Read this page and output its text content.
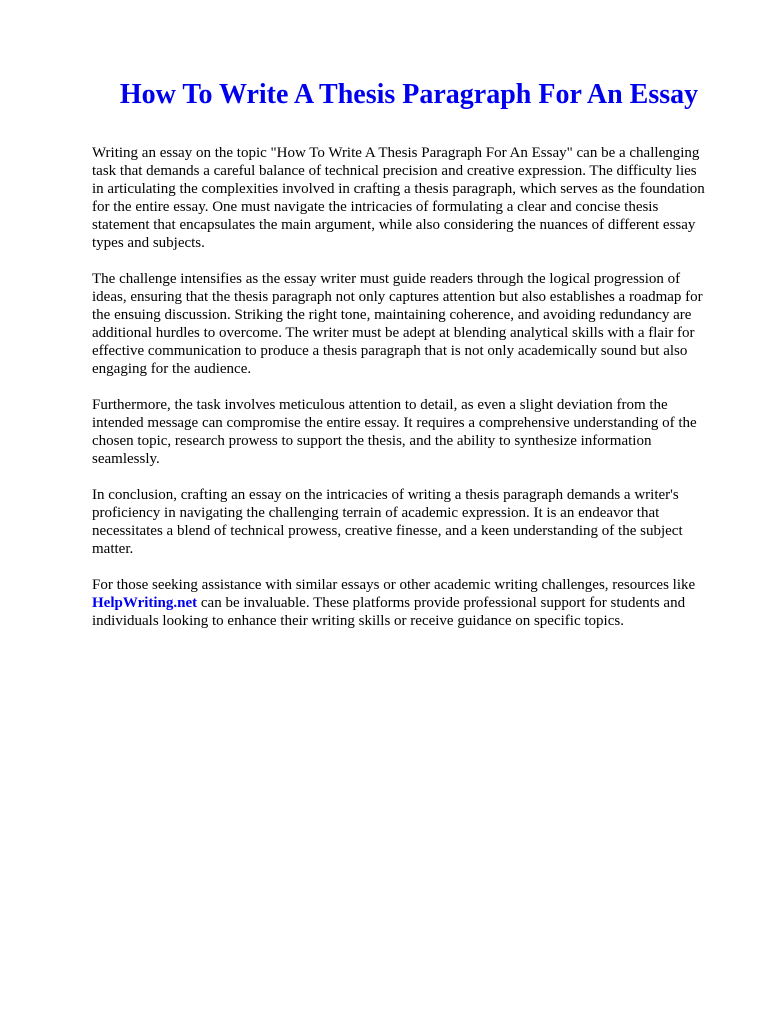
How To Write A Thesis Paragraph For An Essay

Writing an essay on the topic "How To Write A Thesis Paragraph For An Essay" can be a challenging task that demands a careful balance of technical precision and creative expression. The difficulty lies in articulating the complexities involved in crafting a thesis paragraph, which serves as the foundation for the entire essay. One must navigate the intricacies of formulating a clear and concise thesis statement that encapsulates the main argument, while also considering the nuances of different essay types and subjects.

The challenge intensifies as the essay writer must guide readers through the logical progression of ideas, ensuring that the thesis paragraph not only captures attention but also establishes a roadmap for the ensuing discussion. Striking the right tone, maintaining coherence, and avoiding redundancy are additional hurdles to overcome. The writer must be adept at blending analytical skills with a flair for effective communication to produce a thesis paragraph that is not only academically sound but also engaging for the audience.

Furthermore, the task involves meticulous attention to detail, as even a slight deviation from the intended message can compromise the entire essay. It requires a comprehensive understanding of the chosen topic, research prowess to support the thesis, and the ability to synthesize information seamlessly.

In conclusion, crafting an essay on the intricacies of writing a thesis paragraph demands a writer's proficiency in navigating the challenging terrain of academic expression. It is an endeavor that necessitates a blend of technical prowess, creative finesse, and a keen understanding of the subject matter.

For those seeking assistance with similar essays or other academic writing challenges, resources like HelpWriting.net can be invaluable. These platforms provide professional support for students and individuals looking to enhance their writing skills or receive guidance on specific topics.
